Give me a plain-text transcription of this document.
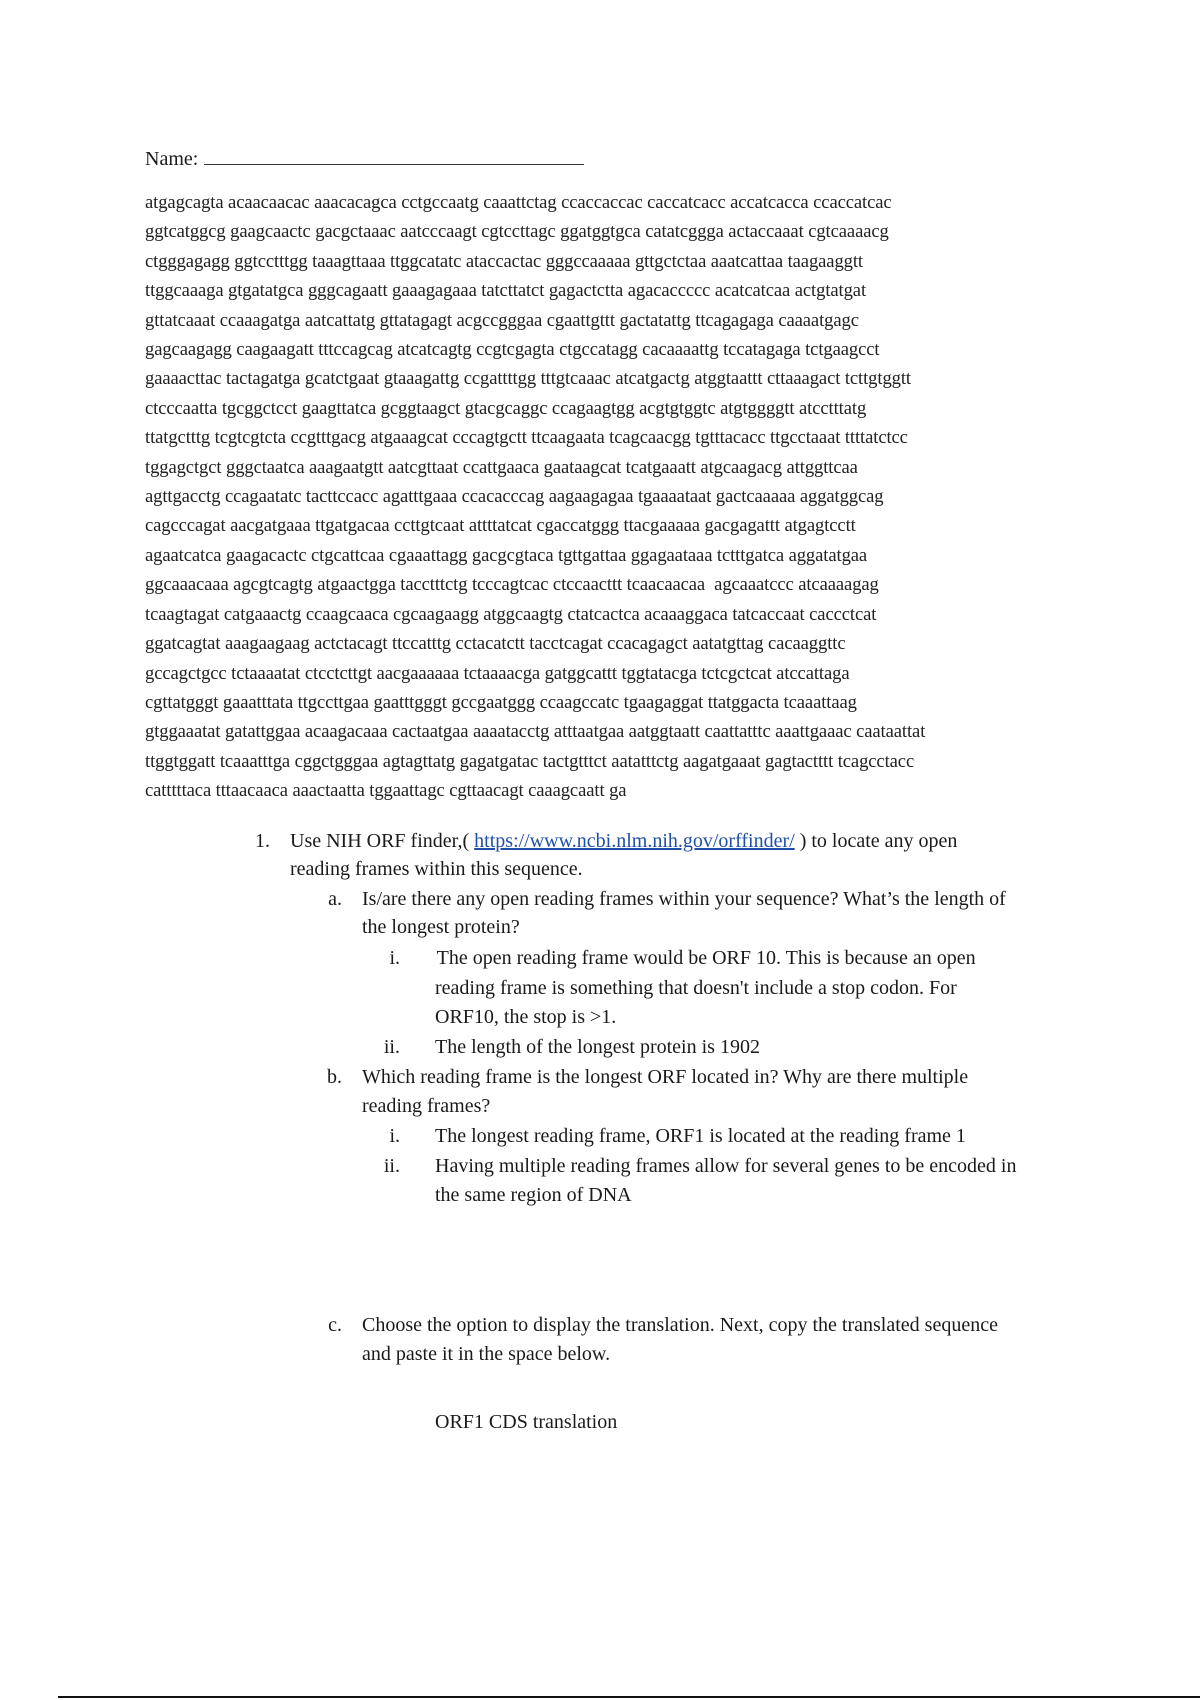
Name:
atgagcagta acaacaacac aaacacagca cctgccaatg caaattctag ccaccaccac caccatcacc accatcacca ccaccatcac
ggtcatggcg gaagcaactc gacgctaaac aatcccaagt cgtccttagc ggatggtgca catatcggga actaccaaat cgtcaaaacg
ctgggagagg ggtcctttgg taaagttaaa ttggcatatc ataccactac gggccaaaaa gttgctctaa aaatcattaa taagaaggtt
ttggcaaaga gtgatatgca gggcagaatt gaaagagaaa tatcttatct gagactctta agacaccccc acatcatcaa actgtatgat
gttatcaaat ccaaagatga aatcattatg gttatagagt acgccgggaa cgaattgttt gactatattg ttcagagaga caaaatgagc
gagcaagagg caagaagatt tttccagcag atcatcagtg ccgtcgagta ctgccatagg cacaaaattg tccatagaga tctgaagcct
gaaaacttac tactagatga gcatctgaat gtaaagattg ccgattttgg tttgtcaaac atcatgactg atggtaattt cttaaagact tcttgtggtt
ctcccaatta tgcggctcct gaagttatca gcggtaagct gtacgcaggc ccagaagtgg acgtgtggtc atgtggggtt atcctttatg
ttatgctttg tcgtcgtcta ccgtttgacg atgaaagcat cccagtgctt ttcaagaata tcagcaacgg tgtttacacc ttgcctaaat ttttatctcc
tggagctgct gggctaatca aaagaatgtt aatcgttaat ccattgaaca gaataagcat tcatgaaatt atgcaagacg attggttcaa
agttgacctg ccagaatatc tacttccacc agatttgaaa ccacacccag aagaagagaa tgaaaataat gactcaaaaa aggatggcag
cagcccagat aacgatgaaa ttgatgacaa ccttgtcaat attttatcat cgaccatggg ttacgaaaaa gacgagattt atgagtcctt
agaatcatca gaagacactc ctgcattcaa cgaaattagg gacgcgtaca tgttgattaa ggagaataaa tctttgatca aggatatgaa
ggcaaacaaa agcgtcagtg atgaactgga tacctttctg tcccagtcac ctccaacttt tcaacaacaa  agcaaatccc atcaaaagag
tcaagtagat catgaaactg ccaagcaaca cgcaagaagg atggcaagtg ctatcactca acaaaggaca tatcaccaat caccctcat
ggatcagtat aaagaagaag actctacagt ttccatttg cctacatctt tacctcagat ccacagagct aatatgttag cacaaggttc
gccagctgcc tctaaaatat ctcctcttgt aacgaaaaaa tctaaaacga gatggcattt tggtatacga tctcgctcat atccattaga
cgttatgggt gaaatttata ttgccttgaa gaatttgggt gccgaatggg ccaagccatc tgaagaggat ttatggacta tcaaattaag
gtggaaatat gatattggaa acaagacaaa cactaatgaa aaaatacctg atttaatgaa aatggtaatt caattatttc aaattgaaac caataattat
ttggtggatt tcaaatttga cggctgggaa agtagttatg gagatgatac tactgtttct aatatttctg aagatgaaat gagtactttt tcagcctacc
catttttaca tttaacaaca aaactaatta tggaattagc cgttaacagt caaagcaatt ga
1. Use NIH ORF finder,( https://www.ncbi.nlm.nih.gov/orffinder/ ) to locate any open
reading frames within this sequence.
a. Is/are there any open reading frames within your sequence? What’s the length of
the longest protein?
i. The open reading frame would be ORF 10. This is because an open
reading frame is something that doesn't include a stop codon. For
ORF10, the stop is >1.
ii. The length of the longest protein is 1902
b. Which reading frame is the longest ORF located in? Why are there multiple
reading frames?
i. The longest reading frame, ORF1 is located at the reading frame 1
ii. Having multiple reading frames allow for several genes to be encoded in
the same region of DNA
c. Choose the option to display the translation. Next, copy the translated sequence
and paste it in the space below.
ORF1 CDS translation
